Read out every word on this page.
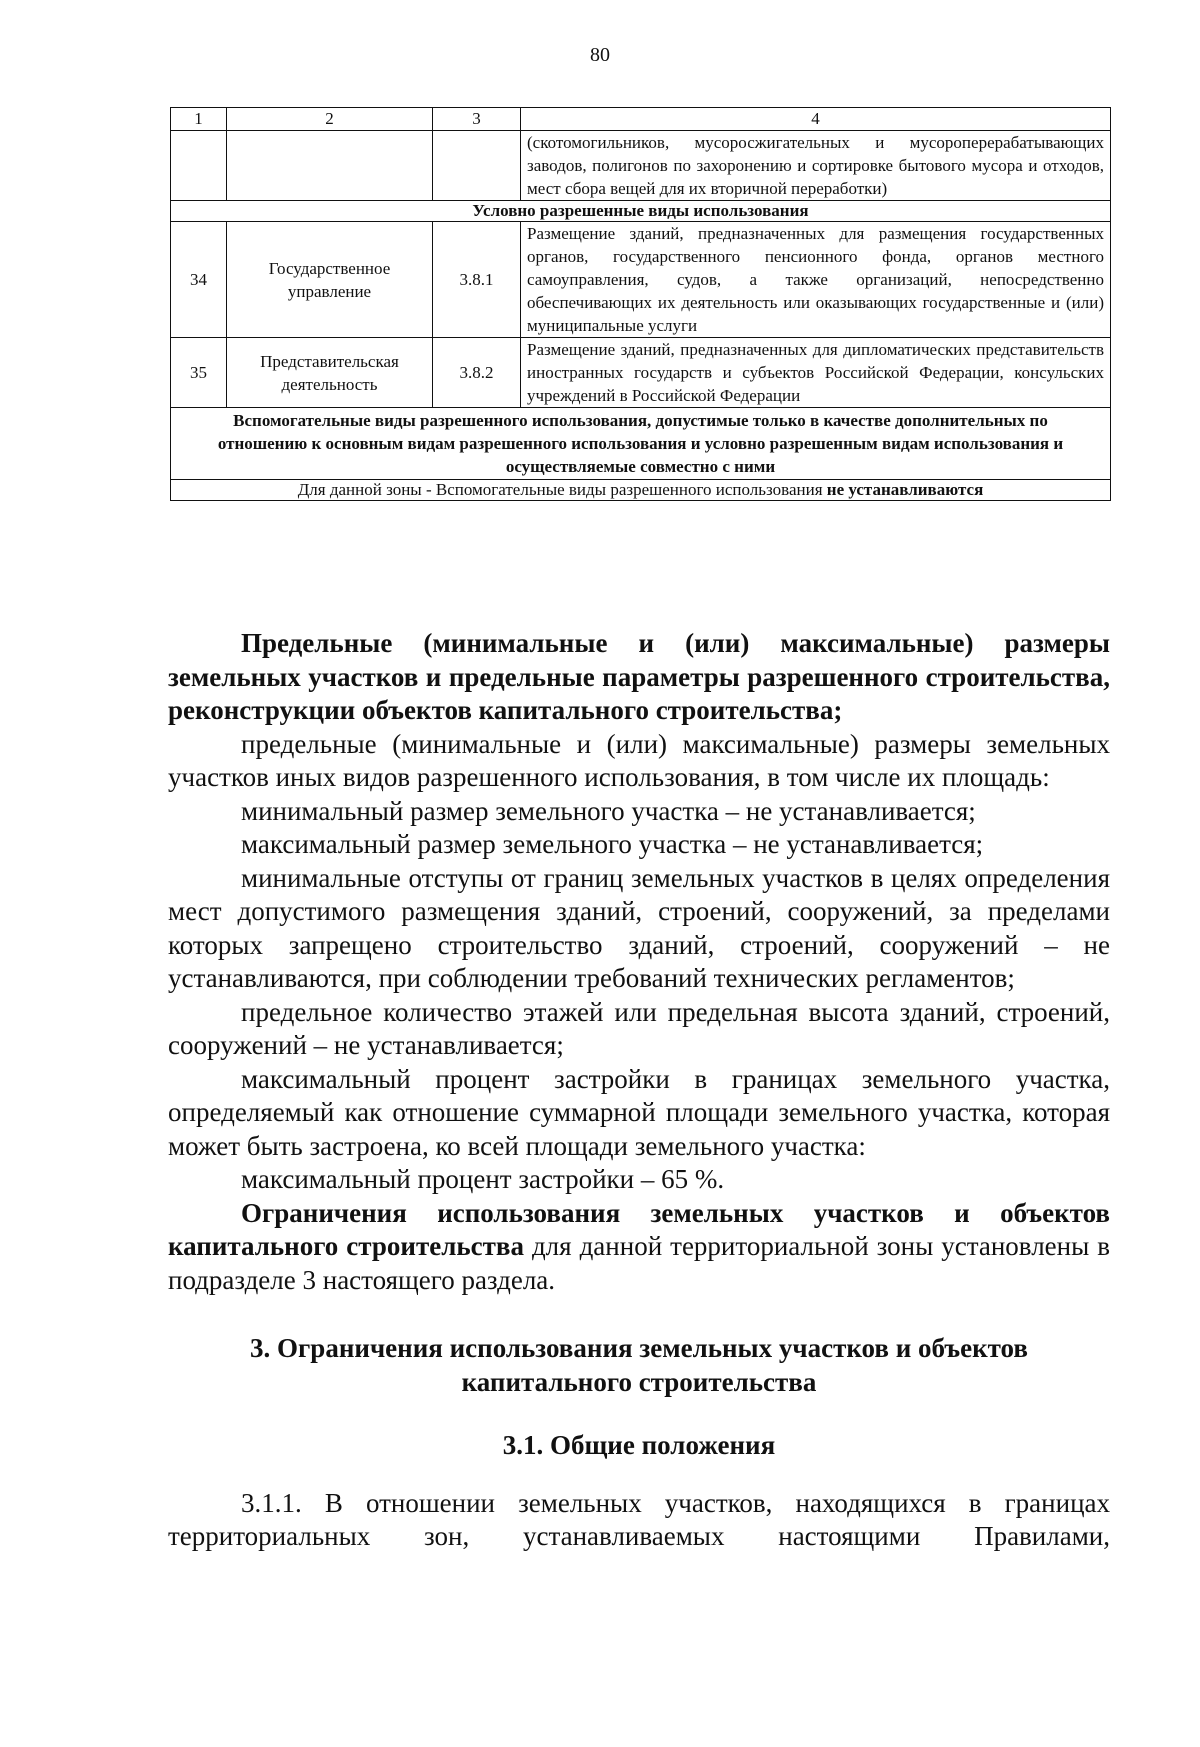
80
1	2	3	4
			(скотомогильников, мусоросжигательных и мусороперерабатывающих заводов, полигонов по захоронению и сортировке бытового мусора и отходов, мест сбора вещей для их вторичной переработки)
Условно разрешенные виды использования			
34	Государственное управление	3.8.1	Размещение зданий, предназначенных для размещения государственных органов, государственного пенсионного фонда, органов местного самоуправления, судов, а также организаций, непосредственно обеспечивающих их деятельность или оказывающих государственные и (или) муниципальные услуги
35	Представительская деятельность	3.8.2	Размещение зданий, предназначенных для дипломатических представительств иностранных государств и субъектов Российской Федерации, консульских учреждений в Российской Федерации
Вспомогательные виды разрешенного использования, допустимые только в качестве дополнительных по отношению к основным видам разрешенного использования и условно разрешенным видам использования и осуществляемые совместно с ними			
Для данной зоны - Вспомогательные виды разрешенного использования не устанавливаются			

Предельные (минимальные и (или) максимальные) размеры земельных участков и предельные параметры разрешенного строительства, реконструкции объектов капитального строительства;

предельные (минимальные и (или) максимальные) размеры земельных участков иных видов разрешенного использования, в том числе их площадь:

минимальный размер земельного участка – не устанавливается;

максимальный размер земельного участка – не устанавливается;

минимальные отступы от границ земельных участков в целях определения мест допустимого размещения зданий, строений, сооружений, за пределами которых запрещено строительство зданий, строений, сооружений – не устанавливаются, при соблюдении требований технических регламентов;

предельное количество этажей или предельная высота зданий, строений, сооружений – не устанавливается;

максимальный процент застройки в границах земельного участка, определяемый как отношение суммарной площади земельного участка, которая может быть застроена, ко всей площади земельного участка:

максимальный процент застройки – 65 %.

Ограничения использования земельных участков и объектов капитального строительства для данной территориальной зоны установлены в подразделе 3 настоящего раздела.

3. Ограничения использования земельных участков и объектов капитального строительства

3.1. Общие положения

3.1.1. В отношении земельных участков, находящихся в границах территориальных зон, устанавливаемых настоящими Правилами,
